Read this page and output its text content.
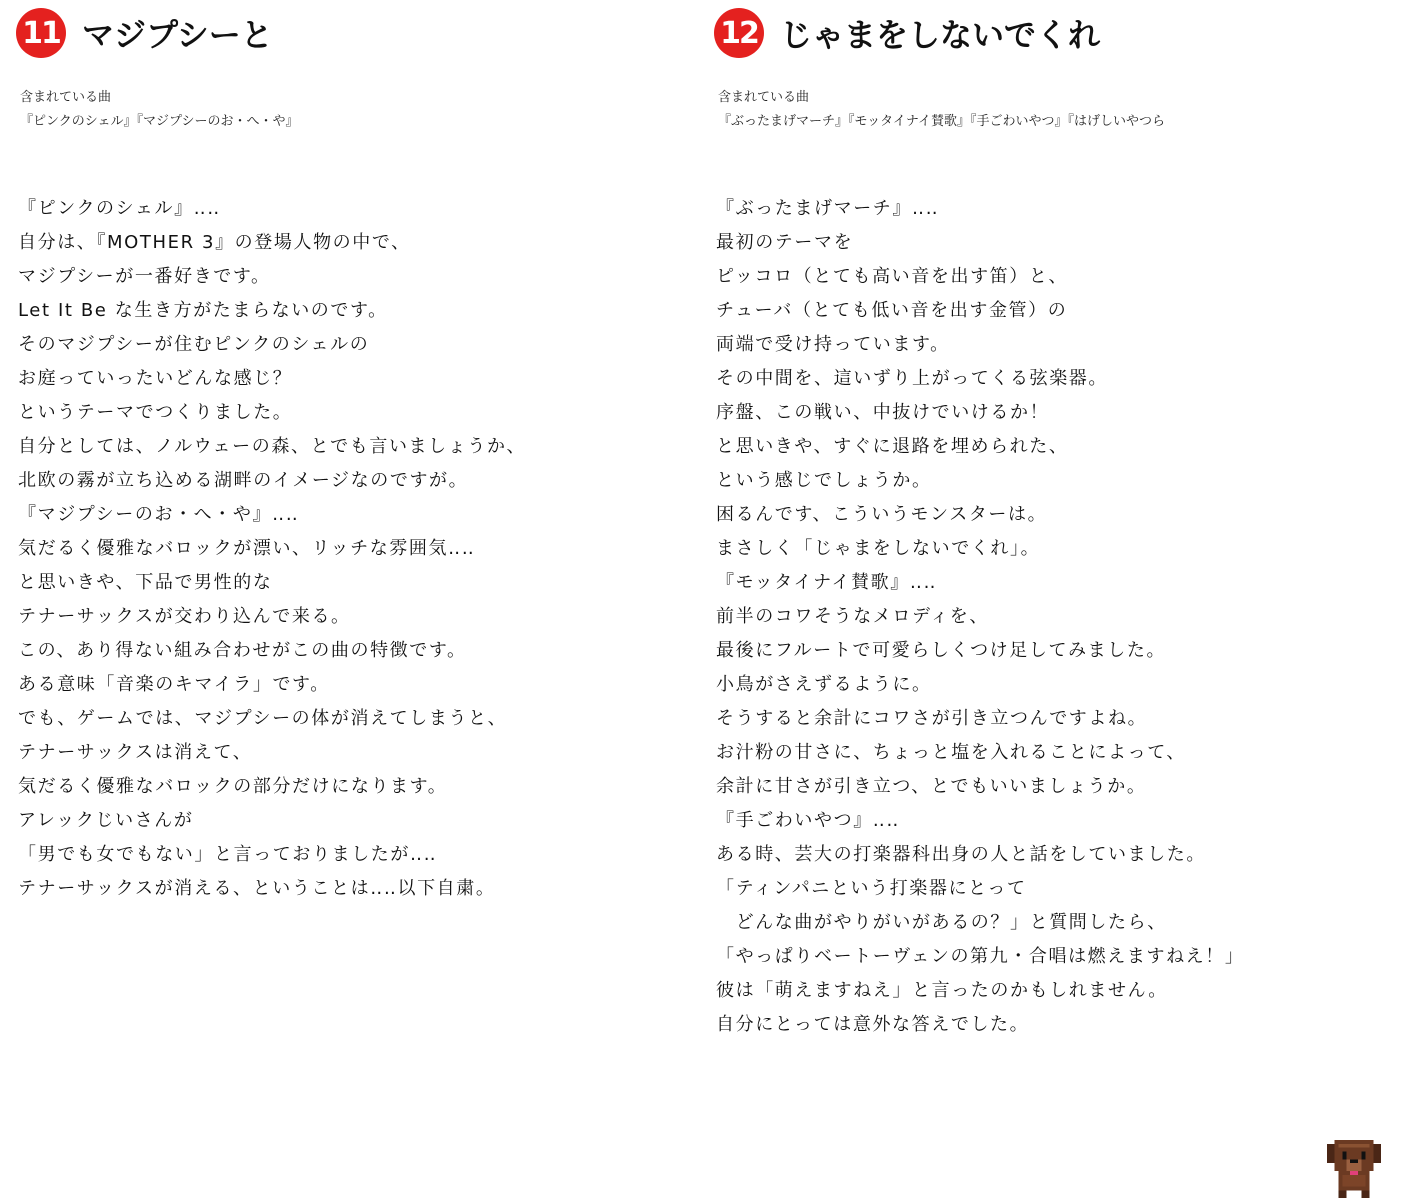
11 マジプシーと
含まれている曲
『ピンクのシェル』『マジプシーのお・へ・や』
『ピンクのシェル』‥‥
自分は、『MOTHER 3』の登場人物の中で、
マジプシーが一番好きです。
Let It Be な生き方がたまらないのです。
そのマジプシーが住むピンクのシェルの
お庭っていったいどんな感じ？
というテーマでつくりました。
自分としては、ノルウェーの森、とでも言いましょうか、
北欧の霧が立ち込める湖畔のイメージなのですが。
『マジプシーのお・へ・や』‥‥
気だるく優雅なバロックが漂い、リッチな雰囲気‥‥
と思いきや、下品で男性的な
テナーサックスが交わり込んで来る。
この、あり得ない組み合わせがこの曲の特徴です。
ある意味「音楽のキマイラ」です。
でも、ゲームでは、マジプシーの体が消えてしまうと、
テナーサックスは消えて、
気だるく優雅なバロックの部分だけになります。
アレックじいさんが
「男でも女でもない」と言っておりましたが‥‥
テナーサックスが消える、ということは‥‥以下自粛。
12 じゃまをしないでくれ
含まれている曲
『ぶったまげマーチ』『モッタイナイ賛歌』『手ごわいやつ』『はげしいやつら
『ぶったまげマーチ』‥‥
最初のテーマを
ピッコロ（とても高い音を出す笛）と、
チューバ（とても低い音を出す金管）の
両端で受け持っています。
その中間を、這いずり上がってくる弦楽器。
序盤、この戦い、中抜けでいけるか！
と思いきや、すぐに退路を埋められた、
という感じでしょうか。
困るんです、こういうモンスターは。
まさしく「じゃまをしないでくれ」。
『モッタイナイ賛歌』‥‥
前半のコワそうなメロディを、
最後にフルートで可愛らしくつけ足してみました。
小鳥がさえずるように。
そうすると余計にコワさが引き立つんですよね。
お汁粉の甘さに、ちょっと塩を入れることによって、
余計に甘さが引き立つ、とでもいいましょうか。
『手ごわいやつ』‥‥
ある時、芸大の打楽器科出身の人と話をしていました。
「ティンパニという打楽器にとって
　どんな曲がやりがいがあるの？」と質問したら、
「やっぱりベートーヴェンの第九・合唱は燃えますねえ！」
彼は「萌えますねえ」と言ったのかもしれません。
自分にとっては意外な答えでした。
